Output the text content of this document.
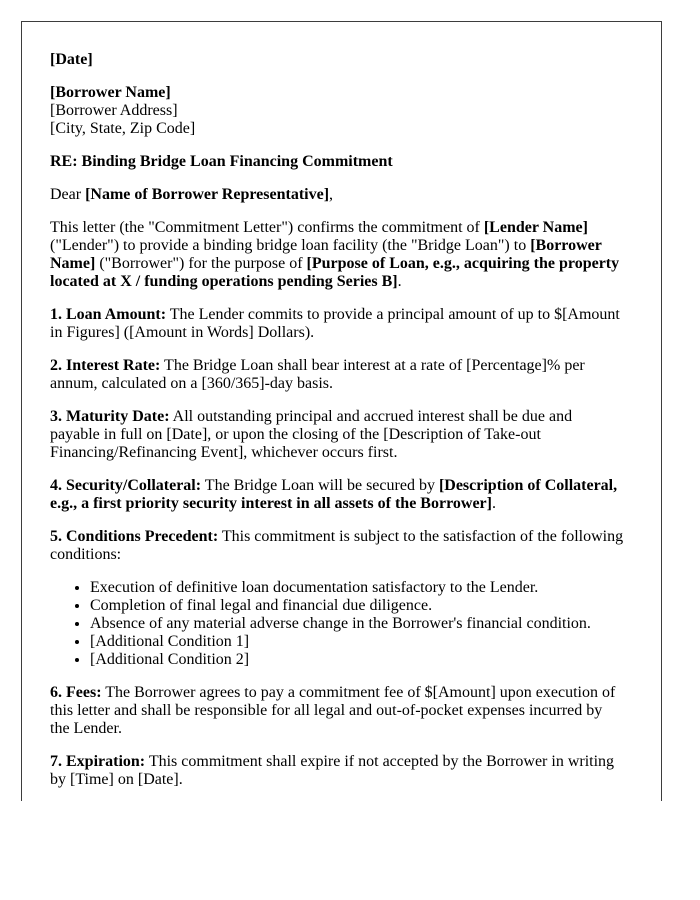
[Date]

[Borrower Name]
[Borrower Address]
[City, State, Zip Code]

RE: Binding Bridge Loan Financing Commitment

Dear [Name of Borrower Representative],

This letter (the "Commitment Letter") confirms the commitment of [Lender Name] ("Lender") to provide a binding bridge loan facility (the "Bridge Loan") to [Borrower Name] ("Borrower") for the purpose of [Purpose of Loan, e.g., acquiring the property located at X / funding operations pending Series B].

1. Loan Amount: The Lender commits to provide a principal amount of up to $[Amount in Figures] ([Amount in Words] Dollars).

2. Interest Rate: The Bridge Loan shall bear interest at a rate of [Percentage]% per annum, calculated on a [360/365]-day basis.

3. Maturity Date: All outstanding principal and accrued interest shall be due and payable in full on [Date], or upon the closing of the [Description of Take-out Financing/Refinancing Event], whichever occurs first.

4. Security/Collateral: The Bridge Loan will be secured by [Description of Collateral, e.g., a first priority security interest in all assets of the Borrower].

5. Conditions Precedent: This commitment is subject to the satisfaction of the following conditions:

• Execution of definitive loan documentation satisfactory to the Lender.
• Completion of final legal and financial due diligence.
• Absence of any material adverse change in the Borrower's financial condition.
• [Additional Condition 1]
• [Additional Condition 2]

6. Fees: The Borrower agrees to pay a commitment fee of $[Amount] upon execution of this letter and shall be responsible for all legal and out-of-pocket expenses incurred by the Lender.

7. Expiration: This commitment shall expire if not accepted by the Borrower in writing by [Time] on [Date].
